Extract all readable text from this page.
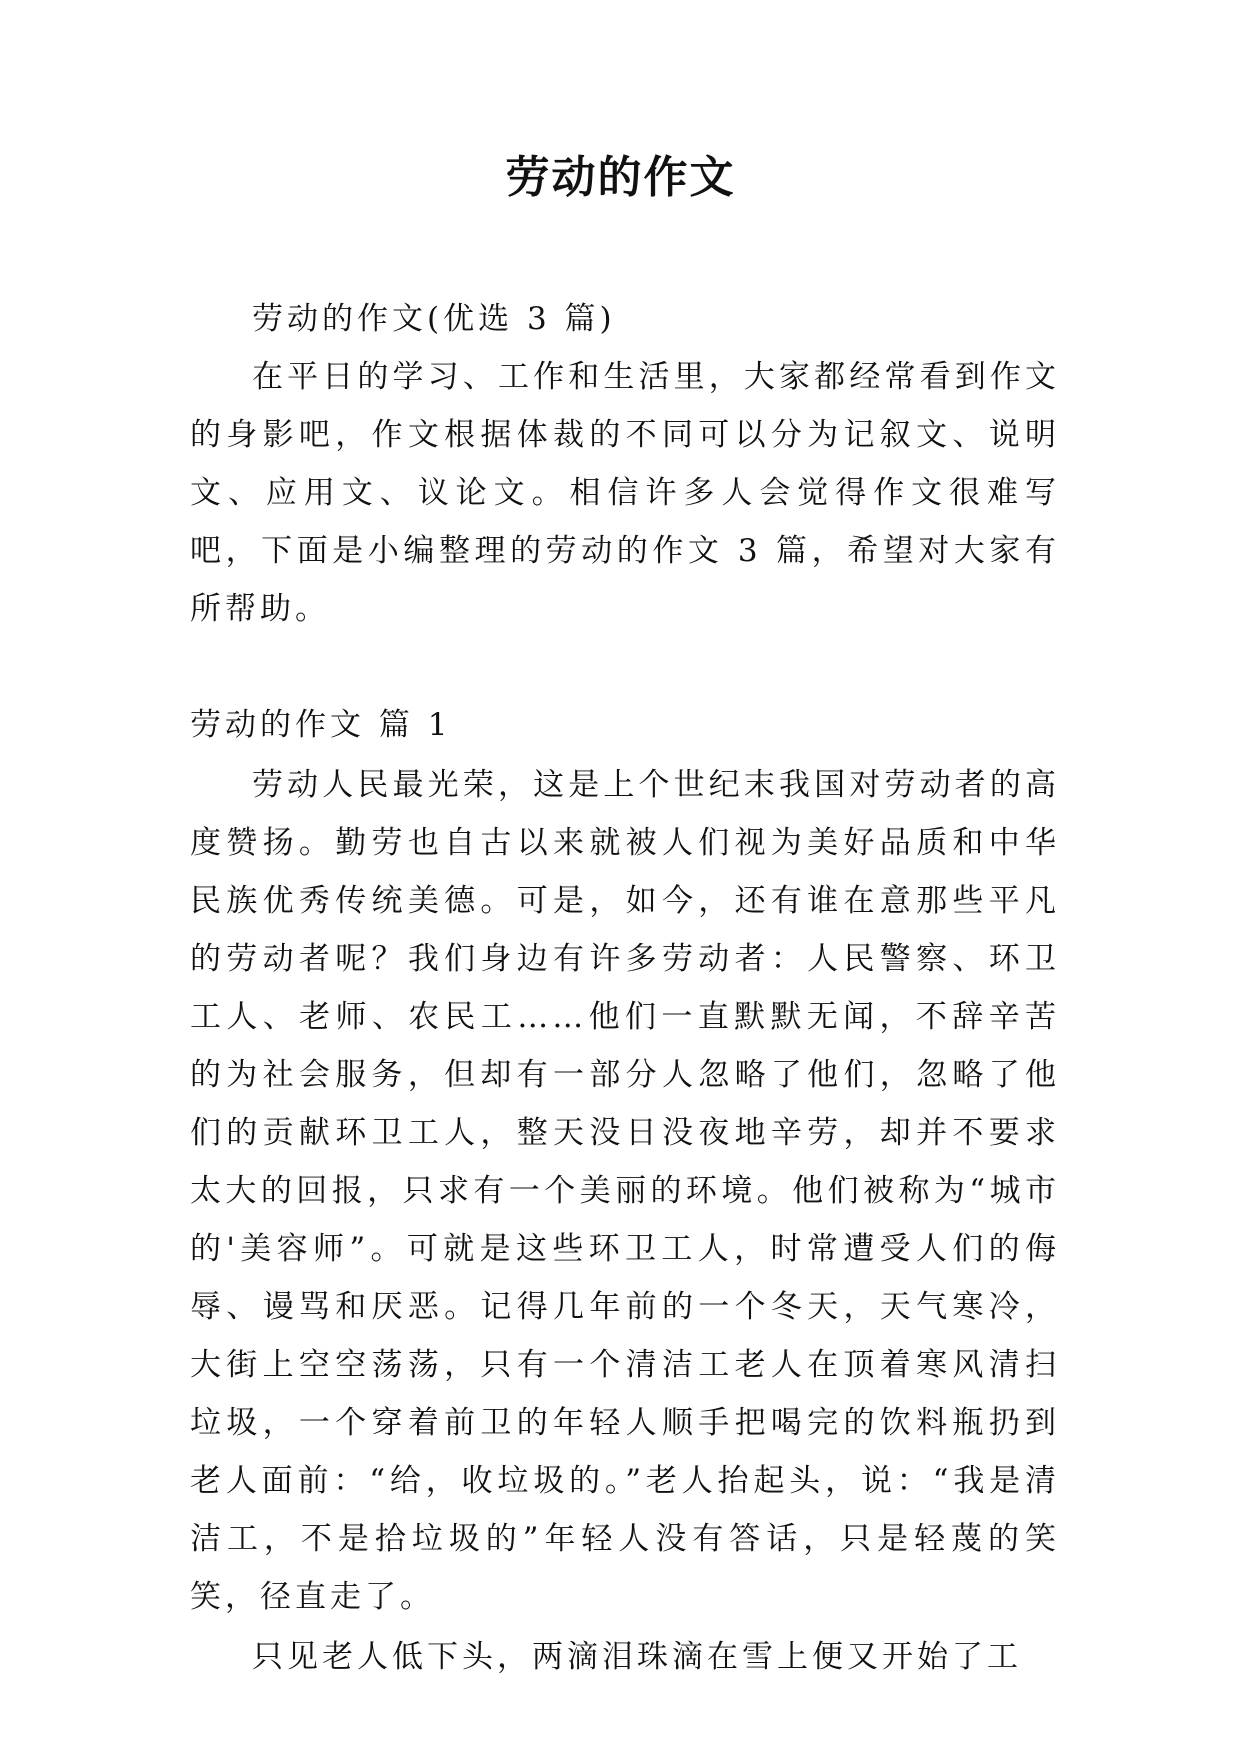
劳动的作文

劳动的作文(优选 3 篇)

在平日的学习、工作和生活里，大家都经常看到作文的身影吧，作文根据体裁的不同可以分为记叙文、说明文、应用文、议论文。相信许多人会觉得作文很难写吧，下面是小编整理的劳动的作文 3 篇，希望对大家有所帮助。

劳动的作文 篇 1

劳动人民最光荣，这是上个世纪末我国对劳动者的高度赞扬。勤劳也自古以来就被人们视为美好品质和中华民族优秀传统美德。可是，如今，还有谁在意那些平凡的劳动者呢？我们身边有许多劳动者：人民警察、环卫工人、老师、农民工……他们一直默默无闻，不辞辛苦的为社会服务，但却有一部分人忽略了他们，忽略了他们的贡献环卫工人，整天没日没夜地辛劳，却并不要求太大的回报，只求有一个美丽的环境。他们被称为“城市的'美容师”。可就是这些环卫工人，时常遭受人们的侮辱、谩骂和厌恶。记得几年前的一个冬天，天气寒冷，大街上空空荡荡，只有一个清洁工老人在顶着寒风清扫垃圾，一个穿着前卫的年轻人顺手把喝完的饮料瓶扔到老人面前：“给，收垃圾的。”老人抬起头，说：“我是清洁工，不是拾垃圾的”年轻人没有答话，只是轻蔑的笑笑，径直走了。

只见老人低下头，两滴泪珠滴在雪上便又开始了工
